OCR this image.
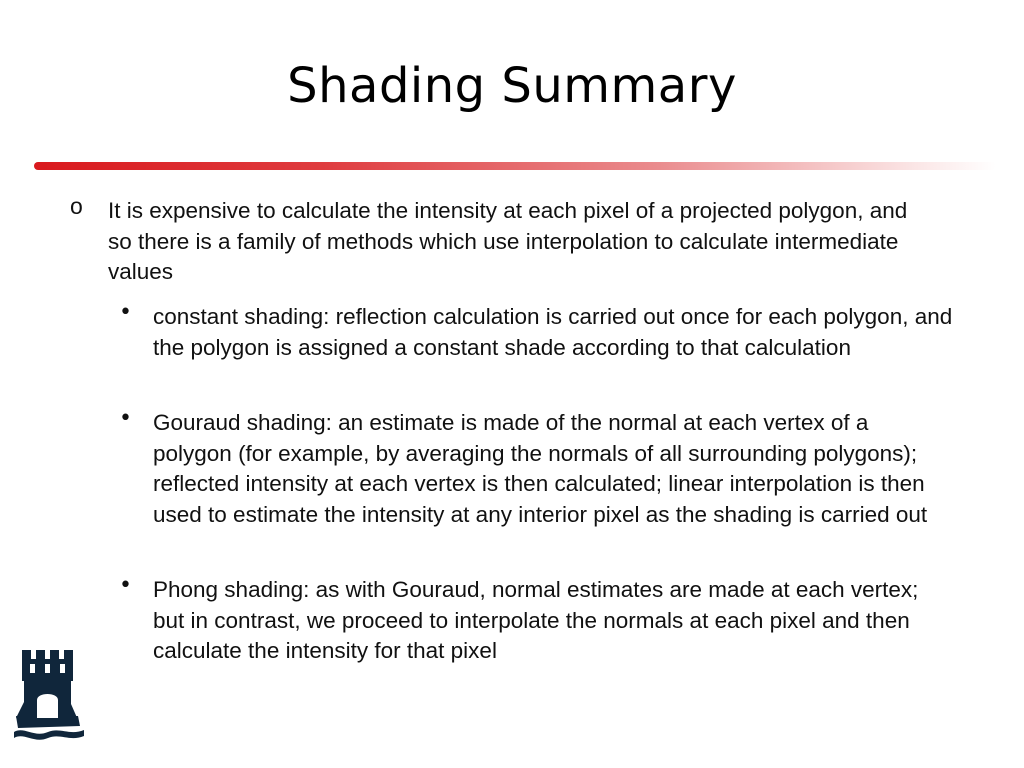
Shading Summary
o It is expensive to calculate the intensity at each pixel of a projected polygon, and so there is a family of methods which use interpolation to calculate intermediate values
• constant shading: reflection calculation is carried out once for each polygon, and the polygon is assigned a constant shade according to that calculation
• Gouraud shading: an estimate is made of the normal at each vertex of a polygon (for example, by averaging the normals of all surrounding polygons); reflected intensity at each vertex is then calculated; linear interpolation is then used to estimate the intensity at any interior pixel as the shading is carried out
• Phong shading: as with Gouraud, normal estimates are made at each vertex; but in contrast, we proceed to interpolate the normals at each pixel and then calculate the intensity for that pixel
